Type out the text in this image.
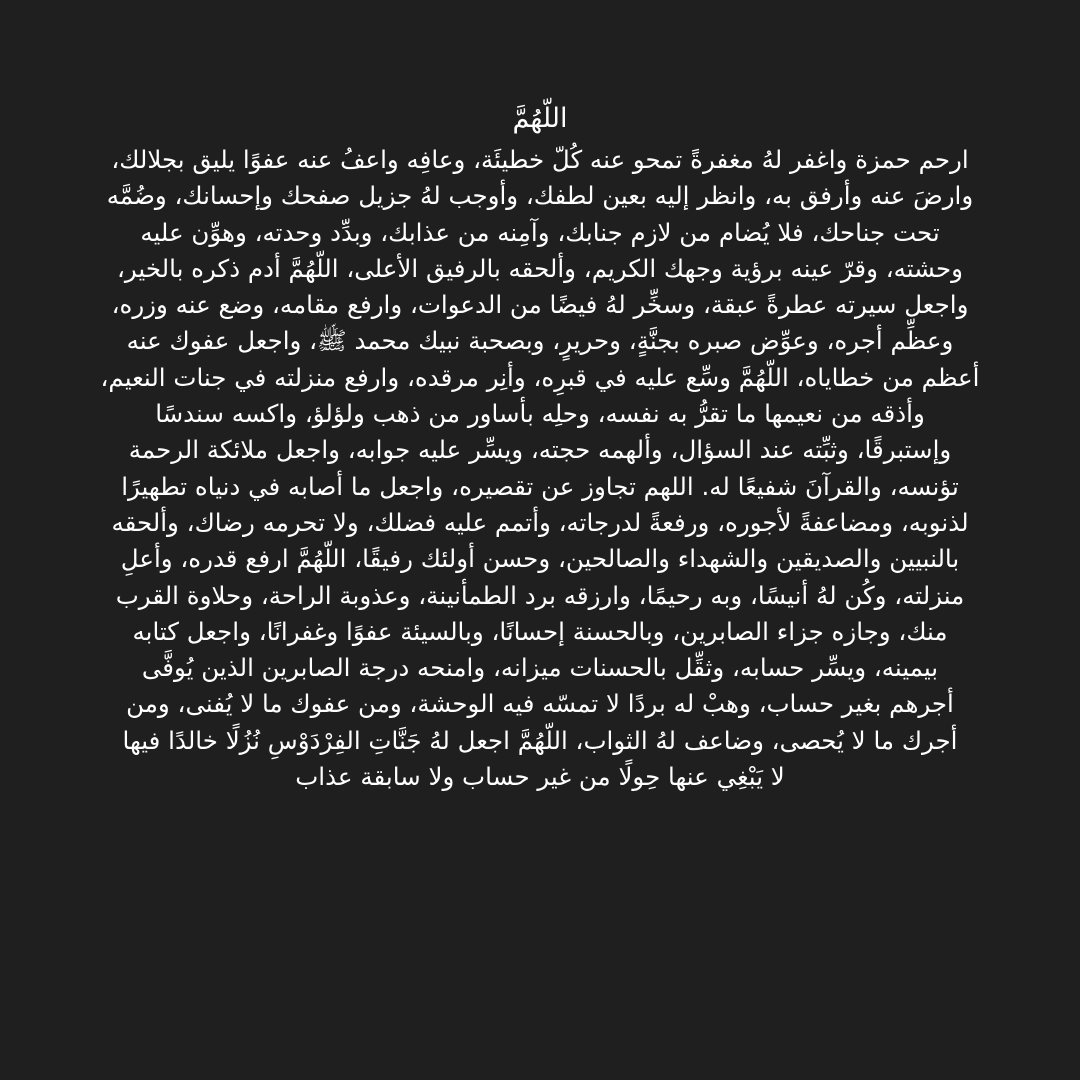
اللّهُمَّ
ارحم حمزة واغفر لهُ مغفرةً تمحو عنه كُلّ خطيئَة، وعافِه واعفُ عنه عفوًا يليق بجلالك،
وارضَ عنه وأرفق به، وانظر إليه بعين لطفك، وأوجب لهُ جزيل صفحك وإحسانك، وضُمَّه
تحت جناحك، فلا يُضام من لازم جنابك، وآمِنه من عذابك، وبدِّد وحدته، وهوِّن عليه
وحشته، وقرّ عينه برؤية وجهك الكريم، وألحقه بالرفيق الأعلى، اللّهُمَّ أدم ذكره بالخير،
واجعل سيرته عطرةً عبقة، وسخِّر لهُ فيضًا من الدعوات، وارفع مقامه، وضع عنه وزره،
وعظِّم أجره، وعوِّض صبره بجنَّةٍ، وحريرٍ، وبصحبة نبيك محمد ﷺ، واجعل عفوك عنه
أعظم من خطاياه، اللّهُمَّ وسِّع عليه في قبرِه، وأنِر مرقده، وارفع منزلته في جنات النعيم،
وأذقه من نعيمها ما تقرُّ به نفسه، وحلِه بأساور من ذهب ولؤلؤ، واكسه سندسًا
وإستبرقًا، وثبِّته عند السؤال، وألهمه حجته، ويسِّر عليه جوابه، واجعل ملائكة الرحمة
تؤنسه، والقرآنَ شفيعًا له. اللهم تجاوز عن تقصيره، واجعل ما أصابه في دنياه تطهيرًا
لذنوبه، ومضاعفةً لأجوره، ورفعةً لدرجاته، وأتمم عليه فضلك، ولا تحرمه رضاك، وألحقه
بالنبيين والصديقين والشهداء والصالحين، وحسن أولئك رفيقًا، اللّهُمَّ ارفع قدره، وأعلِ
منزلته، وكُن لهُ أنيسًا، وبه رحيمًا، وارزقه برد الطمأنينة، وعذوبة الراحة، وحلاوة القرب
منك، وجازه جزاء الصابرين، وبالحسنة إحسانًا، وبالسيئة عفوًا وغفرانًا، واجعل كتابه
بيمينه، ويسِّر حسابه، وثقِّل بالحسنات ميزانه، وامنحه درجة الصابرين الذين يُوفَّى
أجرهم بغير حساب، وهبْ له بردًا لا تمسّه فيه الوحشة، ومن عفوك ما لا يُفنى، ومن
أجرك ما لا يُحصى، وضاعف لهُ الثواب، اللّهُمَّ اجعل لهُ جَنَّاتِ الفِرْدَوْسِ نُزُلًا خالدًا فيها
لا يَبْغِي عنها حِولًا من غير حساب ولا سابقة عذاب
